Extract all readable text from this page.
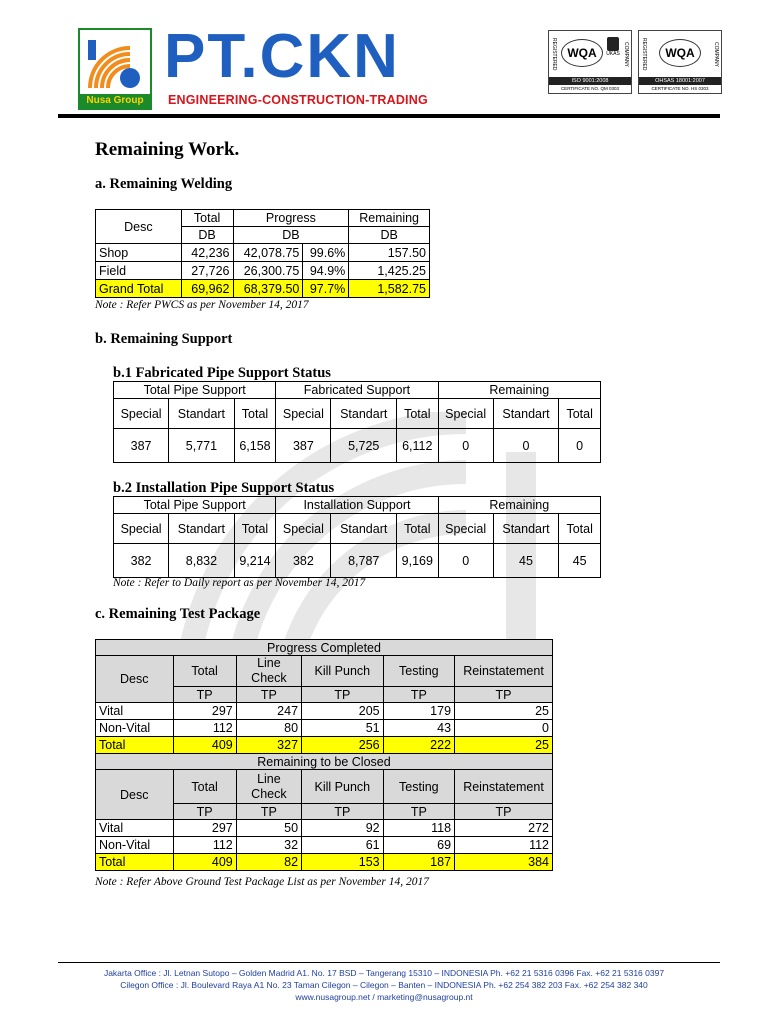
Nusa Group
PT.CKN
ENGINEERING-CONSTRUCTION-TRADING
REGISTERED WQA	UKAS COMPANY
ISO 9001:2008
CERTIFICATE NO. QM 0303
REGISTERED	WQA	COMPANY
OHSAS 18001:2007
CERTIFICATE NO. HS 0303
Remaining Work.
a. Remaining Welding
Desc	Total	Progress		Remaining
	DB	DB		DB
Shop	42,236	42,078.75	99.6%	157.50
Field	27,726	26,300.75	94.9%	1,425.25
Grand Total	69,962	68,379.50	97.7%	1,582.75
Note : Refer PWCS as per November 14, 2017
b. Remaining Support
b.1 Fabricated Pipe Support Status
Total Pipe Support			Fabricated Support			Remaining		
Special	Standart	Total	Special	Standart	Total	Special	Standart	Total
387	5,771	6,158	387	5,725	6,112	0	0	0
b.2 Installation Pipe Support Status
Total Pipe Support			Installation Support			Remaining		
Special	Standart	Total	Special	Standart	Total	Special	Standart	Total
382	8,832	9,214	382	8,787	9,169	0	45	45
Note : Refer to Daily report as per November 14, 2017
c. Remaining Test Package
Progress Completed					
Desc	Total	Line Check	Kill Punch	Testing	Reinstatement
	TP	TP	TP	TP	TP
Vital	297	247	205	179	25
Non-Vital	112	80	51	43	0
Total	409	327	256	222	25
Remaining to be Closed					
Desc	Total	Line Check	Kill Punch	Testing	Reinstatement
	TP	TP	TP	TP	TP
Vital	297	50	92	118	272
Non-Vital	112	32	61	69	112
Total	409	82	153	187	384
Note : Refer Above Ground Test Package List as per November 14, 2017
Jakarta Office : Jl. Letnan Sutopo – Golden Madrid A1. No. 17 BSD – Tangerang 15310 – INDONESIA Ph. +62 21 5316 0396 Fax. +62 21 5316 0397
Cilegon Office : Jl. Boulevard Raya A1 No. 23 Taman Cilegon – Cilegon – Banten – INDONESIA Ph. +62 254 382 203 Fax. +62 254 382 340
www.nusagroup.net / marketing@nusagroup.nt
